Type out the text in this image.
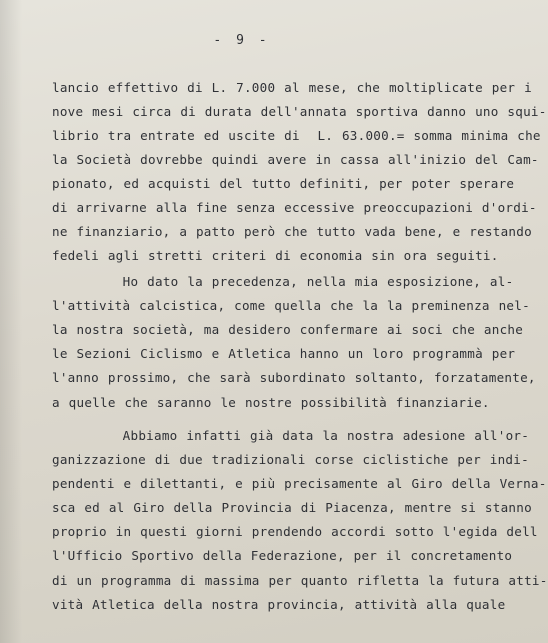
- 9 -
lancio effettivo di L. 7.000 al mese, che moltiplicate per i
nove mesi circa di durata dell'annata sportiva danno uno squi-
librio tra entrate ed uscite di  L. 63.000.= somma minima che
la Società dovrebbe quindi avere in cassa all'inizio del Cam-
pionato, ed acquisti del tutto definiti, per poter sperare
di arrivarne alla fine senza eccessive preoccupazioni d'ordi-
ne finanziario, a patto però che tutto vada bene, e restando
fedeli agli stretti criteri di economia sin ora seguiti.
Ho dato la precedenza, nella mia esposizione, al-
l'attività calcistica, come quella che la la preminenza nel-
la nostra società, ma desidero confermare ai soci che anche
le Sezioni Ciclismo e Atletica hanno un loro programmà per
l'anno prossimo, che sarà subordinato soltanto, forzatamente,
a quelle che saranno le nostre possibilità finanziarie.
Abbiamo infatti già data la nostra adesione all'or-
ganizzazione di due tradizionali corse ciclistiche per indi-
pendenti e dilettanti, e più precisamente al Giro della Verna-
sca ed al Giro della Provincia di Piacenza, mentre si stanno
proprio in questi giorni prendendo accordi sotto l'egida dell
l'Ufficio Sportivo della Federazione, per il concretamento
di un programma di massima per quanto rifletta la futura atti-
vità Atletica della nostra provincia, attività alla quale
